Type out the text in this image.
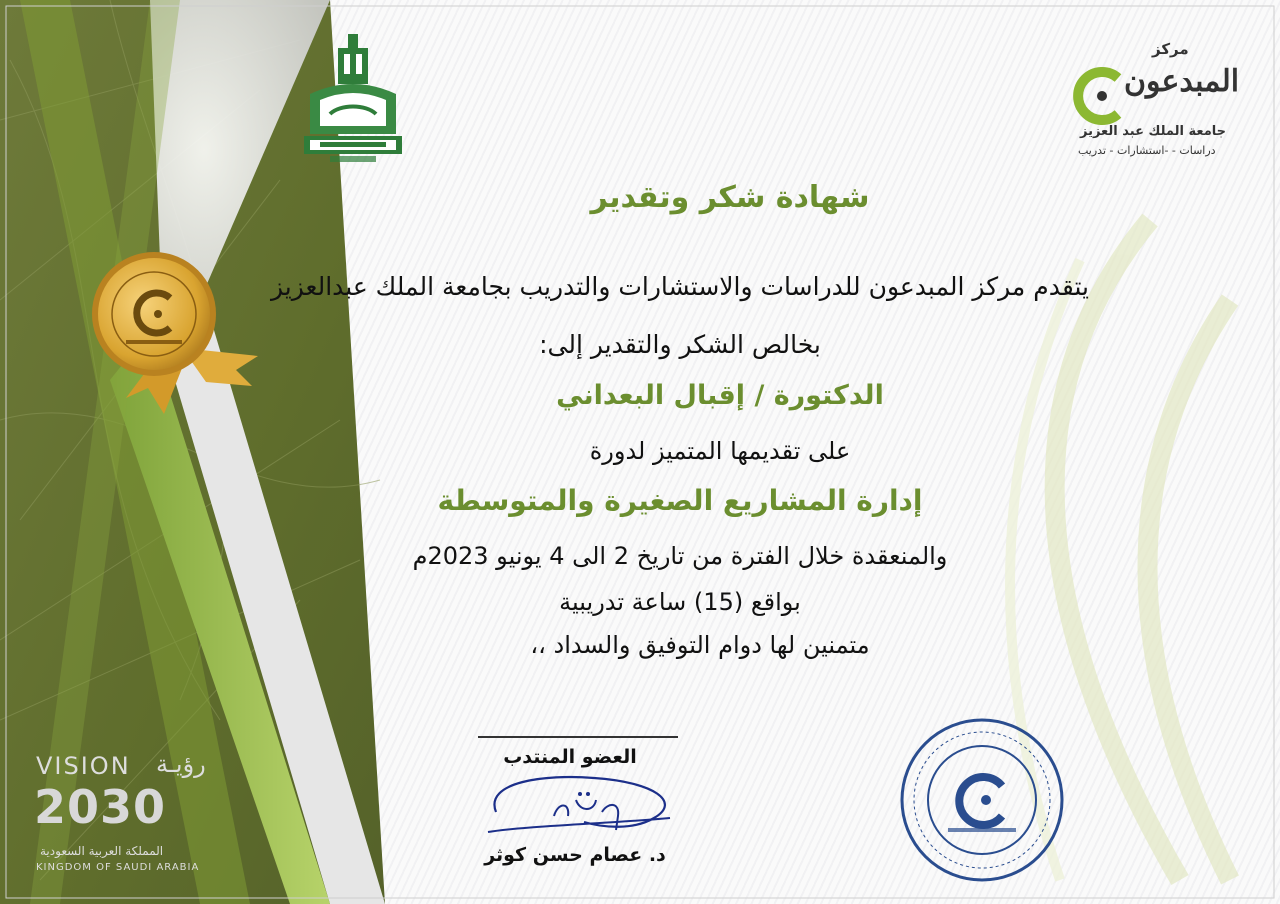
مركز

المبدعون

جامعة الملك عبد العزيز

دراسات - -استشارات - تدريب

شهادة شكر وتقدير

يتقدم مركز المبدعون للدراسات والاستشارات والتدريب بجامعة الملك عبدالعزيز

بخالص الشكر والتقدير إلى:

الدكتورة / إقبال البعداني

على تقديمها المتميز لدورة

إدارة المشاريع الصغيرة والمتوسطة

والمنعقدة خلال الفترة من تاريخ 2 الى 4 يونيو 2023م

بواقع (15) ساعة تدريبية

متمنين لها دوام التوفيق والسداد ،،

العضو المنتدب

د. عصام حسن كوثر

VISION رؤيـة
2030
المملكة العربية السعودية
KINGDOM OF SAUDI ARABIA
